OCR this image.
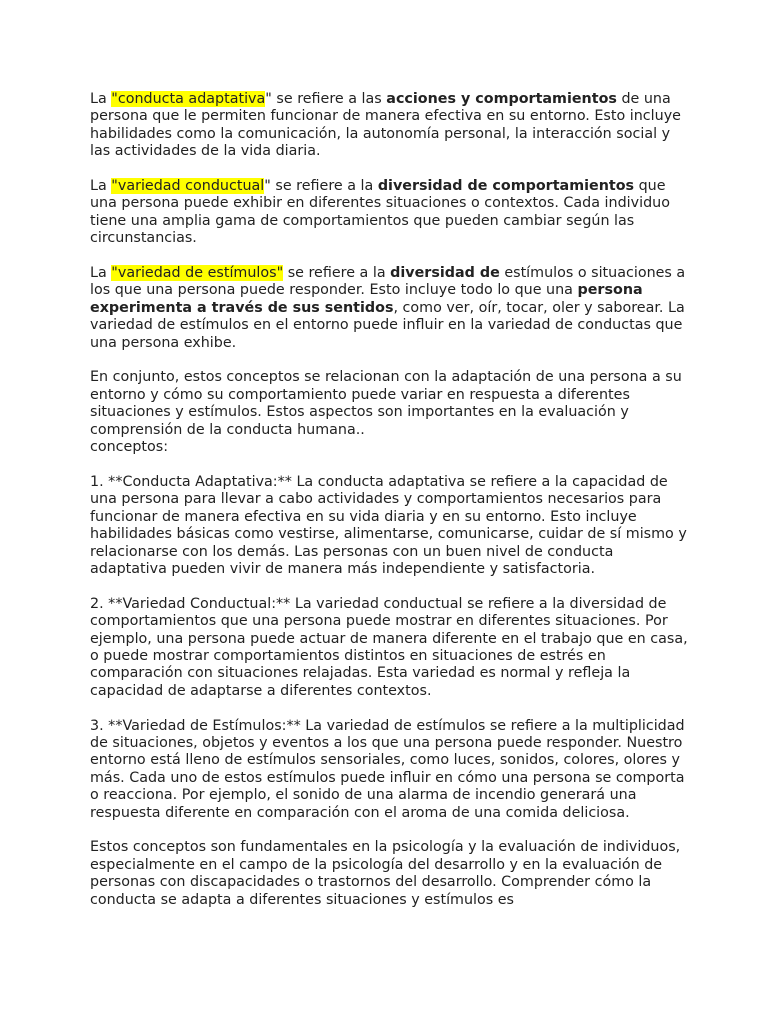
La "conducta adaptativa" se refiere a las acciones y comportamientos de una persona que le permiten funcionar de manera efectiva en su entorno. Esto incluye habilidades como la comunicación, la autonomía personal, la interacción social y las actividades de la vida diaria.

La "variedad conductual" se refiere a la diversidad de comportamientos que una persona puede exhibir en diferentes situaciones o contextos. Cada individuo tiene una amplia gama de comportamientos que pueden cambiar según las circunstancias.

La "variedad de estímulos" se refiere a la diversidad de estímulos o situaciones a los que una persona puede responder. Esto incluye todo lo que una persona experimenta a través de sus sentidos, como ver, oír, tocar, oler y saborear. La variedad de estímulos en el entorno puede influir en la variedad de conductas que una persona exhibe.

En conjunto, estos conceptos se relacionan con la adaptación de una persona a su entorno y cómo su comportamiento puede variar en respuesta a diferentes situaciones y estímulos. Estos aspectos son importantes en la evaluación y comprensión de la conducta humana..

conceptos:

1. **Conducta Adaptativa:** La conducta adaptativa se refiere a la capacidad de una persona para llevar a cabo actividades y comportamientos necesarios para funcionar de manera efectiva en su vida diaria y en su entorno. Esto incluye habilidades básicas como vestirse, alimentarse, comunicarse, cuidar de sí mismo y relacionarse con los demás. Las personas con un buen nivel de conducta adaptativa pueden vivir de manera más independiente y satisfactoria.

2. **Variedad Conductual:** La variedad conductual se refiere a la diversidad de comportamientos que una persona puede mostrar en diferentes situaciones. Por ejemplo, una persona puede actuar de manera diferente en el trabajo que en casa, o puede mostrar comportamientos distintos en situaciones de estrés en comparación con situaciones relajadas. Esta variedad es normal y refleja la capacidad de adaptarse a diferentes contextos.

3. **Variedad de Estímulos:** La variedad de estímulos se refiere a la multiplicidad de situaciones, objetos y eventos a los que una persona puede responder. Nuestro entorno está lleno de estímulos sensoriales, como luces, sonidos, colores, olores y más. Cada uno de estos estímulos puede influir en cómo una persona se comporta o reacciona. Por ejemplo, el sonido de una alarma de incendio generará una respuesta diferente en comparación con el aroma de una comida deliciosa.

Estos conceptos son fundamentales en la psicología y la evaluación de individuos, especialmente en el campo de la psicología del desarrollo y en la evaluación de personas con discapacidades o trastornos del desarrollo. Comprender cómo la conducta se adapta a diferentes situaciones y estímulos es
